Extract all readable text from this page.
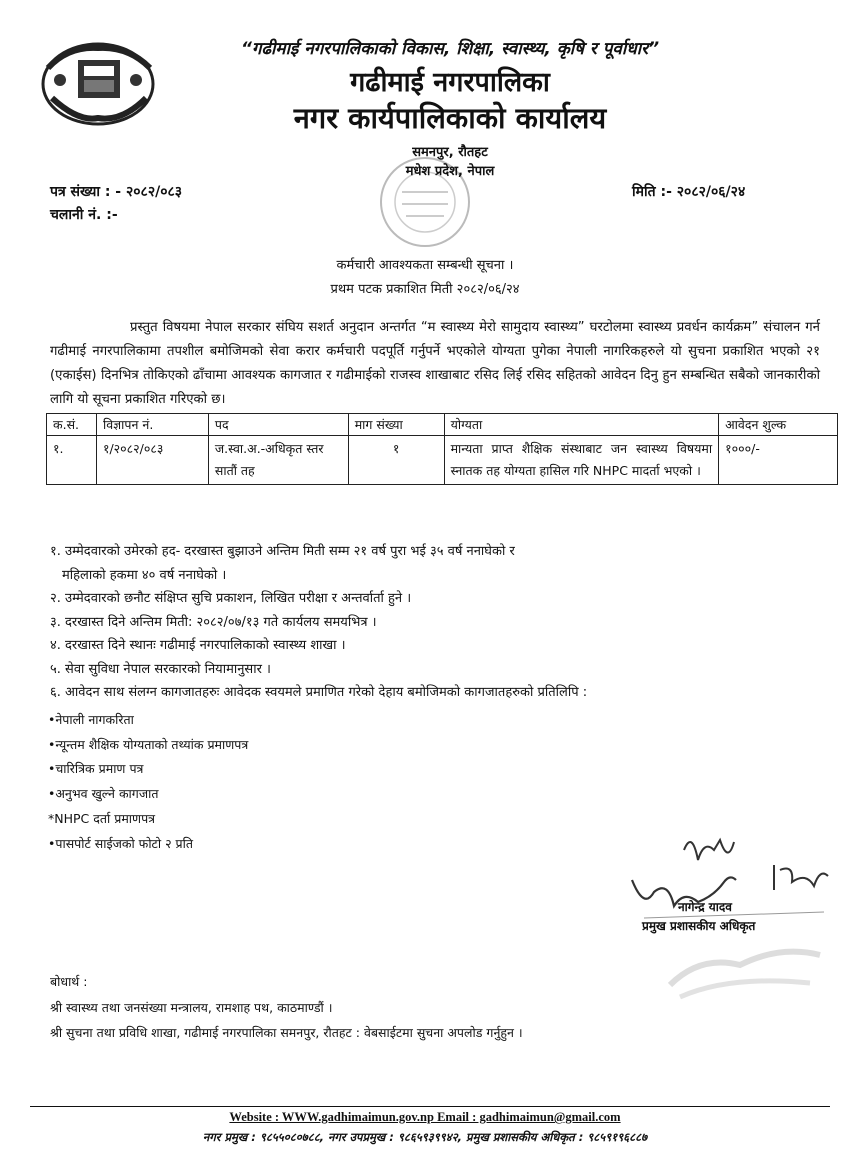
“गढीमाई नगरपालिकाको विकास, शिक्षा, स्वास्थ्य, कृषि र पूर्वाधार”
गढीमाई नगरपालिका
नगर कार्यपालिकाको कार्यालय
समनपुर, रौतहट
मधेश प्रदेश, नेपाल
पत्र संख्या : - २०८२/०८३
चलानी नं. :-
मिति :- २०८२/०६/२४
कर्मचारी आवश्यकता सम्बन्धी सूचना ।
प्रथम पटक प्रकाशित मिती २०८२/०६/२४

प्रस्तुत विषयमा नेपाल सरकार संघिय सशर्त अनुदान अन्तर्गत “म स्वास्थ्य मेरो सामुदाय स्वास्थ्य” घरटोलमा स्वास्थ्य प्रवर्धन कार्यक्रम” संचालन गर्न गढीमाई नगरपालिकामा तपशील बमोजिमको सेवा करार कर्मचारी पदपूर्ति गर्नुपर्ने भएकोले योग्यता पुगेका नेपाली नागरिकहरुले यो सुचना प्रकाशित भएको २१ (एकाईस) दिनभित्र तोकिएको ढाँचामा आवश्यक कागजात र गढीमाईको राजस्व शाखाबाट रसिद लिई रसिद सहितको आवेदन दिनु हुन सम्बन्धित सबैको जानकारीको लागि यो सूचना प्रकाशित गरिएको छ।

क.सं.	विज्ञापन नं.	पद	माग संख्या	योग्यता	आवेदन शुल्क
१.	१/२०८२/०८३	ज.स्वा.अ.-अधिकृत स्तर सातौं तह	१	मान्यता प्राप्त शैक्षिक संस्थाबाट जन स्वास्थ्य विषयमा स्नातक तह योग्यता हासिल गरि NHPC मादर्ता भएको ।	१०००/-
१. उम्मेदवारको उमेरको हद- दरखास्त बुझाउने अन्तिम मिती सम्म २१ वर्ष पुरा भई ३५ वर्ष ननाघेको र
महिलाको हकमा ४० वर्ष ननाघेको ।
२. उम्मेदवारको छनौट संक्षिप्त सुचि प्रकाशन, लिखित परीक्षा र अन्तर्वार्ता हुने ।
३. दरखास्त दिने अन्तिम मिती: २०८२/०७/१३ गते कार्यलय समयभित्र ।
४. दरखास्त दिने स्थानः गढीमाई नगरपालिकाको स्वास्थ्य शाखा ।
५. सेवा सुविधा नेपाल सरकारको नियामानुसार ।
६. आवेदन साथ संलग्न कागजातहरुः आवेदक स्वयमले प्रमाणित गरेको देहाय बमोजिमको कागजातहरुको प्रतिलिपि :
•नेपाली नागकरिता
•न्यून्तम शैक्षिक योग्यताको तथ्यांक प्रमाणपत्र
•चारित्रिक प्रमाण पत्र
•अनुभव खुल्ने कागजात
*NHPC दर्ता प्रमाणपत्र
•पासपोर्ट साईजको फोटो २ प्रति
नागेन्द्र यादव
प्रमुख प्रशासकीय अधिकृत
बोधार्थ :
श्री स्वास्थ्य तथा जनसंख्या मन्त्रालय, रामशाह पथ, काठमाण्डौं ।
श्री सुचना तथा प्रविधि शाखा, गढीमाई नगरपालिका समनपुर, रौतहट : वेबसाईटमा सुचना अपलोड गर्नुहुन ।
Website : WWW.gadhimaimun.gov.np Email : gadhimaimun@gmail.com
नगर प्रमुख : ९८५५०८०७८८, नगर उपप्रमुख : ९८६५९३९९४२, प्रमुख प्रशासकीय अधिकृत : ९८५९१९६८८७
